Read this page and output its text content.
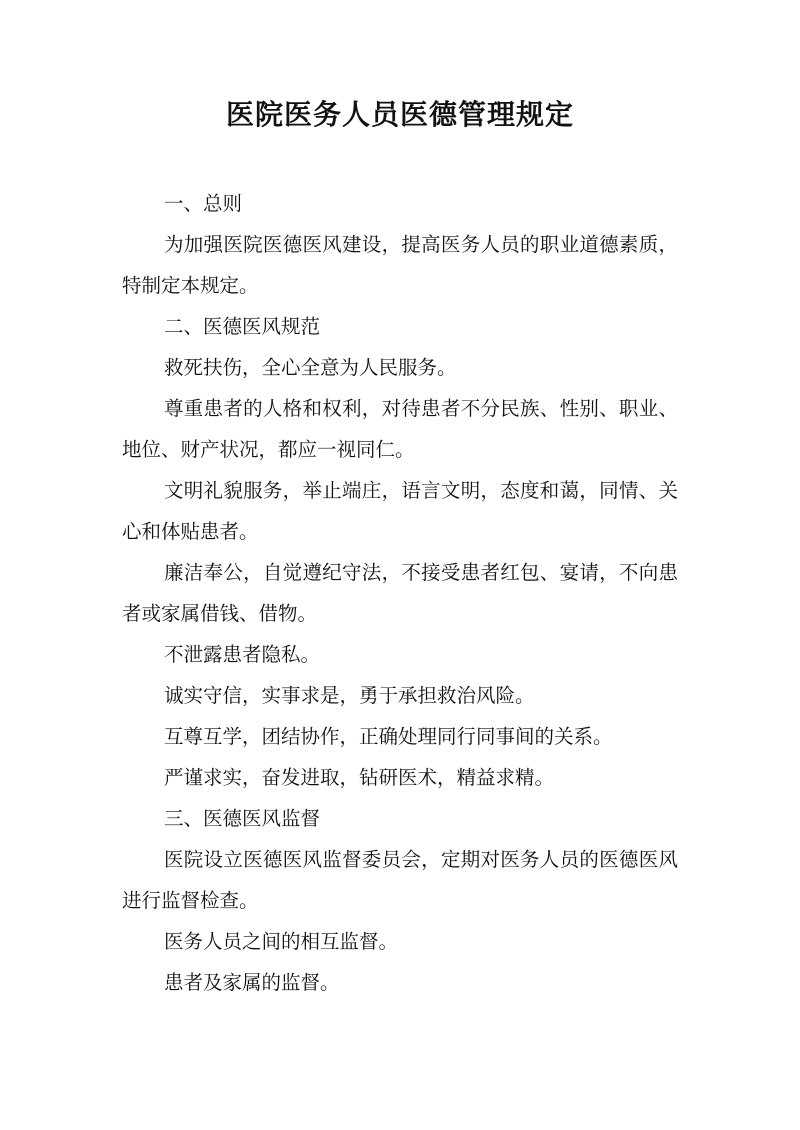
医院医务人员医德管理规定

一、总则

为加强医院医德医风建设，提高医务人员的职业道德素质，特制定本规定。

二、医德医风规范

救死扶伤，全心全意为人民服务。

尊重患者的人格和权利，对待患者不分民族、性别、职业、地位、财产状况，都应一视同仁。

文明礼貌服务，举止端庄，语言文明，态度和蔼，同情、关心和体贴患者。

廉洁奉公，自觉遵纪守法，不接受患者红包、宴请，不向患者或家属借钱、借物。

不泄露患者隐私。

诚实守信，实事求是，勇于承担救治风险。

互尊互学，团结协作，正确处理同行同事间的关系。

严谨求实，奋发进取，钻研医术，精益求精。

三、医德医风监督

医院设立医德医风监督委员会，定期对医务人员的医德医风进行监督检查。

医务人员之间的相互监督。

患者及家属的监督。
